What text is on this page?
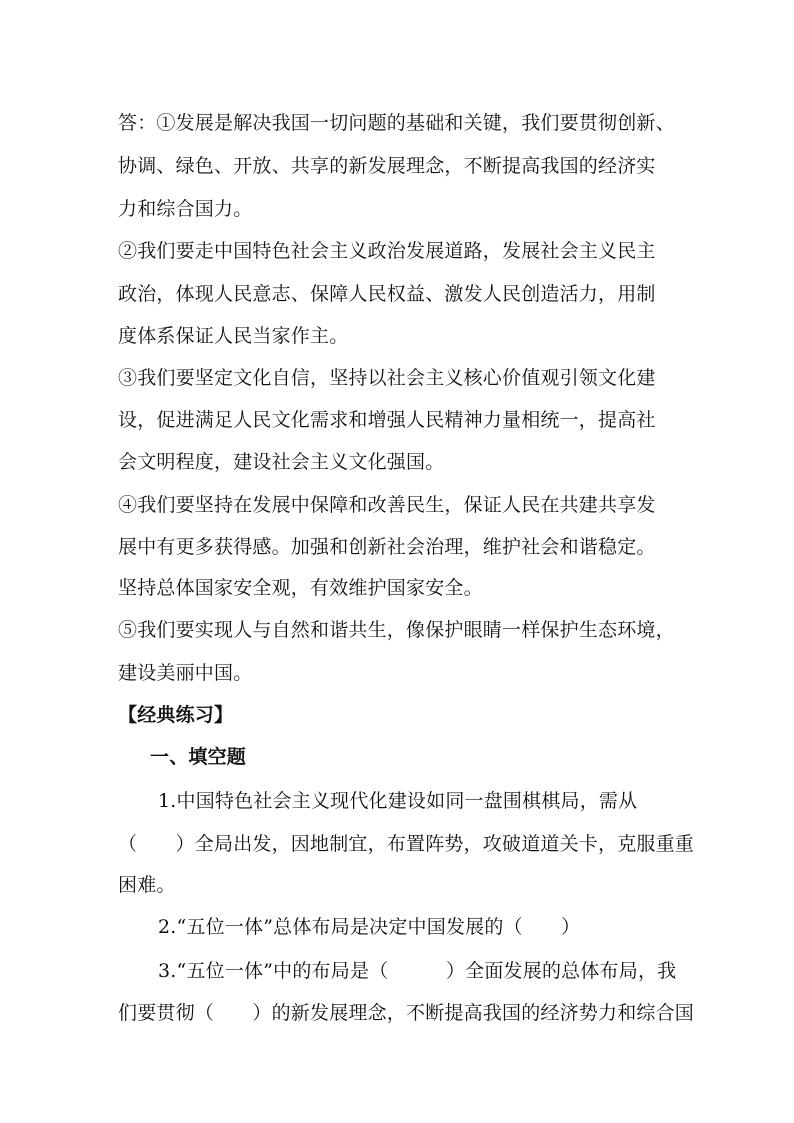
答：①发展是解决我国一切问题的基础和关键，我们要贯彻创新、
协调、绿色、开放、共享的新发展理念，不断提高我国的经济实
力和综合国力。
②我们要走中国特色社会主义政治发展道路，发展社会主义民主
政治，体现人民意志、保障人民权益、激发人民创造活力，用制
度体系保证人民当家作主。
③我们要坚定文化自信，坚持以社会主义核心价值观引领文化建
设，促进满足人民文化需求和增强人民精神力量相统一，提高社
会文明程度，建设社会主义文化强国。
④我们要坚持在发展中保障和改善民生，保证人民在共建共享发
展中有更多获得感。加强和创新社会治理，维护社会和谐稳定。
坚持总体国家安全观，有效维护国家安全。
⑤我们要实现人与自然和谐共生，像保护眼睛一样保护生态环境，
建设美丽中国。
【经典练习】
一、填空题
1.中国特色社会主义现代化建设如同一盘围棋棋局，需从
（　　）全局出发，因地制宜，布置阵势，攻破道道关卡，克服重重
困难。
2.“五位一体”总体布局是决定中国发展的（　　）
3.“五位一体”中的布局是（　　　）全面发展的总体布局，我
们要贯彻（　　）的新发展理念，不断提高我国的经济势力和综合国
